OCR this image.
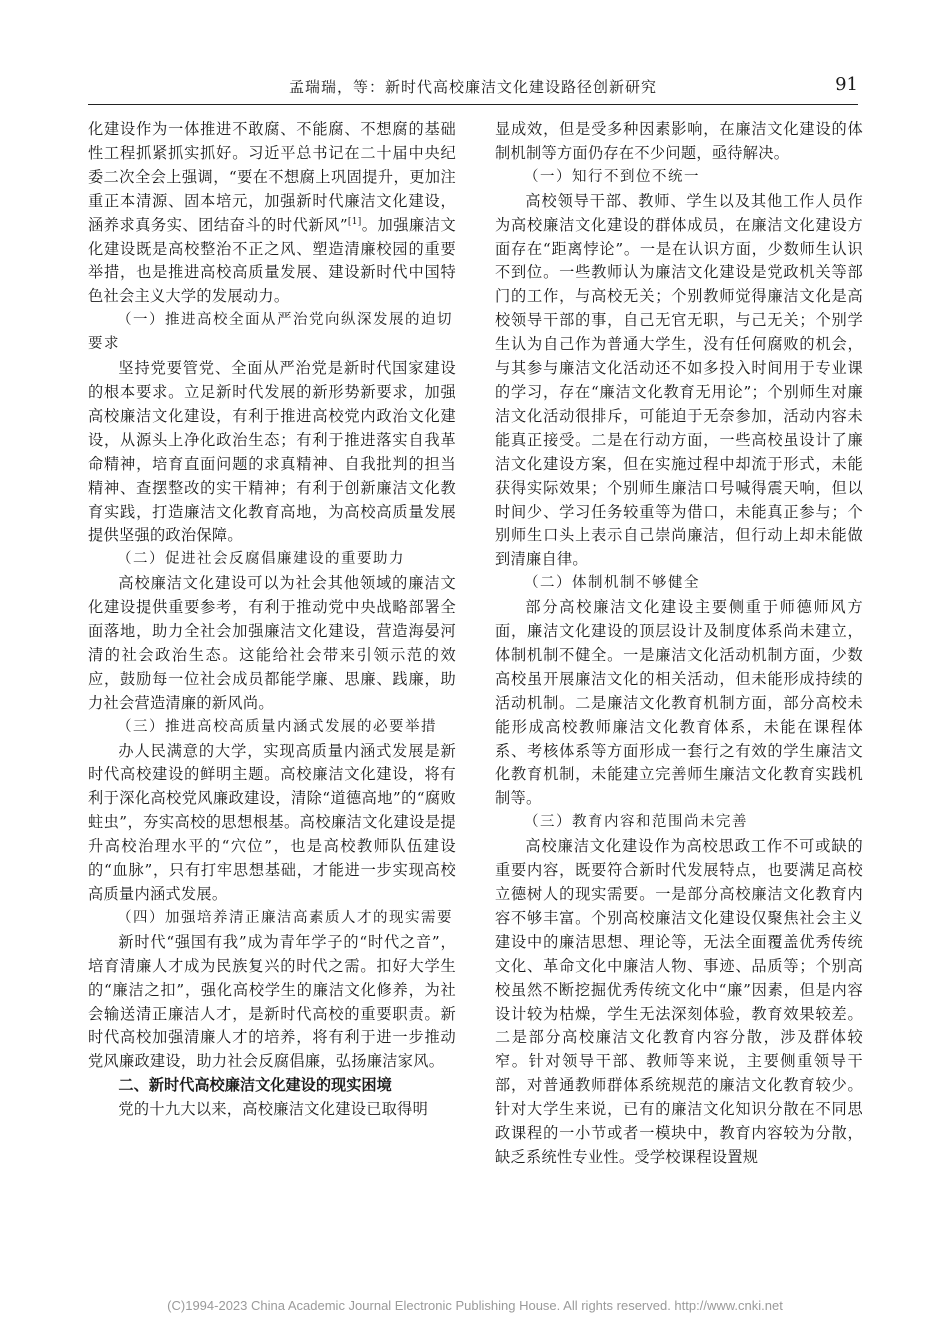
孟瑞瑞，等：新时代高校廉洁文化建设路径创新研究	91

化建设作为一体推进不敢腐、不能腐、不想腐的基础性工程抓紧抓实抓好。习近平总书记在二十届中央纪委二次全会上强调，“要在不想腐上巩固提升，更加注重正本清源、固本培元，加强新时代廉洁文化建设，涵养求真务实、团结奋斗的时代新风”[1]。加强廉洁文化建设既是高校整治不正之风、塑造清廉校园的重要举措，也是推进高校高质量发展、建设新时代中国特色社会主义大学的发展动力。

（一）推进高校全面从严治党向纵深发展的迫切要求

坚持党要管党、全面从严治党是新时代国家建设的根本要求。立足新时代发展的新形势新要求，加强高校廉洁文化建设，有利于推进高校党内政治文化建设，从源头上净化政治生态；有利于推进落实自我革命精神，培育直面问题的求真精神、自我批判的担当精神、查摆整改的实干精神；有利于创新廉洁文化教育实践，打造廉洁文化教育高地，为高校高质量发展提供坚强的政治保障。

（二）促进社会反腐倡廉建设的重要助力

高校廉洁文化建设可以为社会其他领域的廉洁文化建设提供重要参考，有利于推动党中央战略部署全面落地，助力全社会加强廉洁文化建设，营造海晏河清的社会政治生态。这能给社会带来引领示范的效应，鼓励每一位社会成员都能学廉、思廉、践廉，助力社会营造清廉的新风尚。

（三）推进高校高质量内涵式发展的必要举措

办人民满意的大学，实现高质量内涵式发展是新时代高校建设的鲜明主题。高校廉洁文化建设，将有利于深化高校党风廉政建设，清除“道德高地”的“腐败蛀虫”，夯实高校的思想根基。高校廉洁文化建设是提升高校治理水平的“穴位”，也是高校教师队伍建设的“血脉”，只有打牢思想基础，才能进一步实现高校高质量内涵式发展。

（四）加强培养清正廉洁高素质人才的现实需要

新时代“强国有我”成为青年学子的“时代之音”，培育清廉人才成为民族复兴的时代之需。扣好大学生的“廉洁之扣”，强化高校学生的廉洁文化修养，为社会输送清正廉洁人才，是新时代高校的重要职责。新时代高校加强清廉人才的培养，将有利于进一步推动党风廉政建设，助力社会反腐倡廉，弘扬廉洁家风。

二、新时代高校廉洁文化建设的现实困境

党的十九大以来，高校廉洁文化建设已取得明

显成效，但是受多种因素影响，在廉洁文化建设的体制机制等方面仍存在不少问题，亟待解决。

（一）知行不到位不统一

高校领导干部、教师、学生以及其他工作人员作为高校廉洁文化建设的群体成员，在廉洁文化建设方面存在“距离悖论”。一是在认识方面，少数师生认识不到位。一些教师认为廉洁文化建设是党政机关等部门的工作，与高校无关；个别教师觉得廉洁文化是高校领导干部的事，自己无官无职，与己无关；个别学生认为自己作为普通大学生，没有任何腐败的机会，与其参与廉洁文化活动还不如多投入时间用于专业课的学习，存在“廉洁文化教育无用论”；个别师生对廉洁文化活动很排斥，可能迫于无奈参加，活动内容未能真正接受。二是在行动方面，一些高校虽设计了廉洁文化建设方案，但在实施过程中却流于形式，未能获得实际效果；个别师生廉洁口号喊得震天响，但以时间少、学习任务较重等为借口，未能真正参与；个别师生口头上表示自己崇尚廉洁，但行动上却未能做到清廉自律。

（二）体制机制不够健全

部分高校廉洁文化建设主要侧重于师德师风方面，廉洁文化建设的顶层设计及制度体系尚未建立，体制机制不健全。一是廉洁文化活动机制方面，少数高校虽开展廉洁文化的相关活动，但未能形成持续的活动机制。二是廉洁文化教育机制方面，部分高校未能形成高校教师廉洁文化教育体系，未能在课程体系、考核体系等方面形成一套行之有效的学生廉洁文化教育机制，未能建立完善师生廉洁文化教育实践机制等。

（三）教育内容和范围尚未完善

高校廉洁文化建设作为高校思政工作不可或缺的重要内容，既要符合新时代发展特点，也要满足高校立德树人的现实需要。一是部分高校廉洁文化教育内容不够丰富。个别高校廉洁文化建设仅聚焦社会主义建设中的廉洁思想、理论等，无法全面覆盖优秀传统文化、革命文化中廉洁人物、事迹、品质等；个别高校虽然不断挖掘优秀传统文化中“廉”因素，但是内容设计较为枯燥，学生无法深刻体验，教育效果较差。二是部分高校廉洁文化教育内容分散，涉及群体较窄。针对领导干部、教师等来说，主要侧重领导干部，对普通教师群体系统规范的廉洁文化教育较少。针对大学生来说，已有的廉洁文化知识分散在不同思政课程的一小节或者一模块中，教育内容较为分散，缺乏系统性专业性。受学校课程设置规

(C)1994-2023 China Academic Journal Electronic Publishing House. All rights reserved. http://www.cnki.net
